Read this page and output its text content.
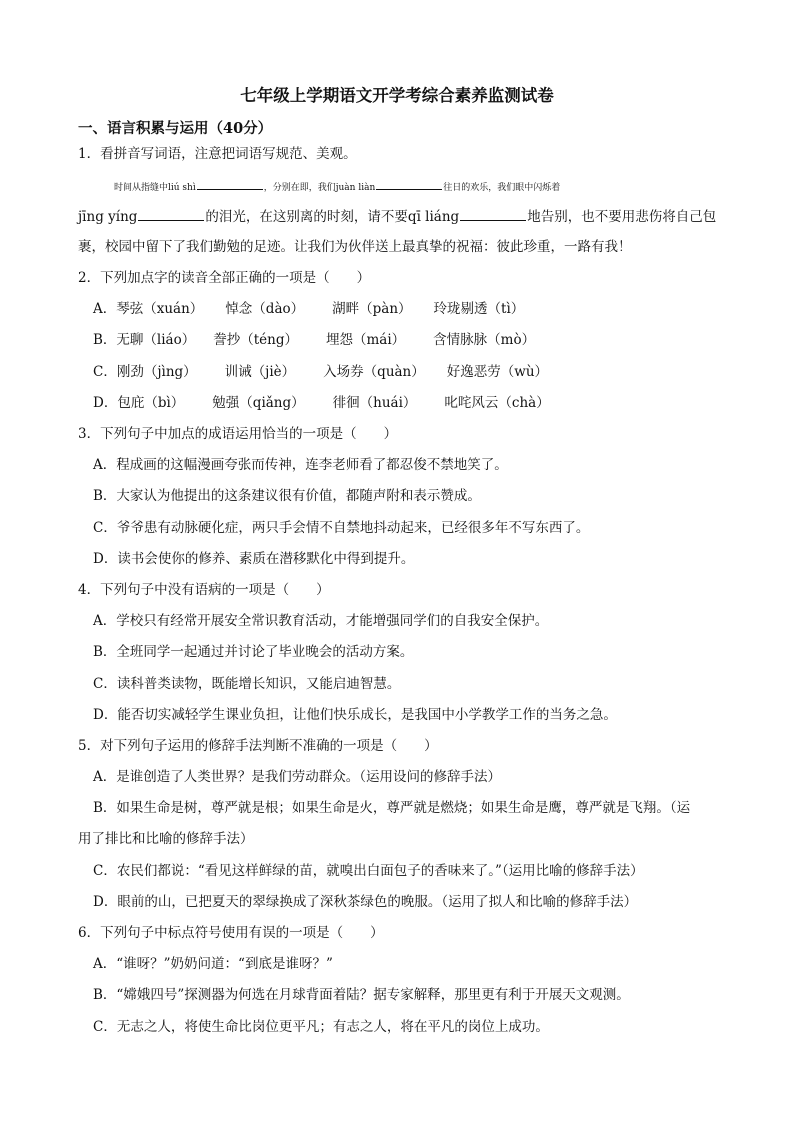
七年级上学期语文开学考综合素养监测试卷
一、语言积累与运用（40分）
1．看拼音写词语，注意把词语写规范、美观。
时间从指缝中liú shì	，分别在即，我们juàn liàn	往日的欢乐，我们眼中闪烁着
jīng yíng	的泪光，在这别离的时刻，请不要qī liáng	地告别，也不要用悲伤将自己包
裹，校园中留下了我们勤勉的足迹。让我们为伙伴送上最真挚的祝福：彼此珍重，一路有我！
2．下列加点字的读音全部正确的一项是（　　）
A．琴弦（xuán） 悼念（dào） 湖畔（pàn） 玲珑剔透（tì）
B．无聊（liáo） 誊抄（téng） 埋怨（mái） 含情脉脉（mò）
C．刚劲（jìng） 训诫（jiè） 入场券（quàn） 好逸恶劳（wù）
D．包庇（bì） 勉强（qiǎng） 徘徊（huái） 叱咤风云（chà）
3．下列句子中加点的成语运用恰当的一项是（　　）
A．程成画的这幅漫画夸张而传神，连李老师看了都忍俊不禁地笑了。
B．大家认为他提出的这条建议很有价值，都随声附和表示赞成。
C．爷爷患有动脉硬化症，两只手会情不自禁地抖动起来，已经很多年不写东西了。
D．读书会使你的修养、素质在潜移默化中得到提升。
4．下列句子中没有语病的一项是（　　）
A．学校只有经常开展安全常识教育活动，才能增强同学们的自我安全保护。
B．全班同学一起通过并讨论了毕业晚会的活动方案。
C．读科普类读物，既能增长知识，又能启迪智慧。
D．能否切实减轻学生课业负担，让他们快乐成长，是我国中小学教学工作的当务之急。
5．对下列句子运用的修辞手法判断不准确的一项是（　　）
A．是谁创造了人类世界？是我们劳动群众。（运用设问的修辞手法）
B．如果生命是树，尊严就是根；如果生命是火，尊严就是燃烧；如果生命是鹰，尊严就是飞翔。（运
用了排比和比喻的修辞手法）
C．农民们都说：“看见这样鲜绿的苗，就嗅出白面包子的香味来了。”（运用比喻的修辞手法）
D．眼前的山，已把夏天的翠绿换成了深秋茶绿色的晚服。（运用了拟人和比喻的修辞手法）
6．下列句子中标点符号使用有误的一项是（　　）
A．“谁呀？”奶奶问道：“到底是谁呀？”
B．“嫦娥四号”探测器为何选在月球背面着陆？据专家解释，那里更有利于开展天文观测。
C．无志之人，将使生命比岗位更平凡；有志之人，将在平凡的岗位上成功。
